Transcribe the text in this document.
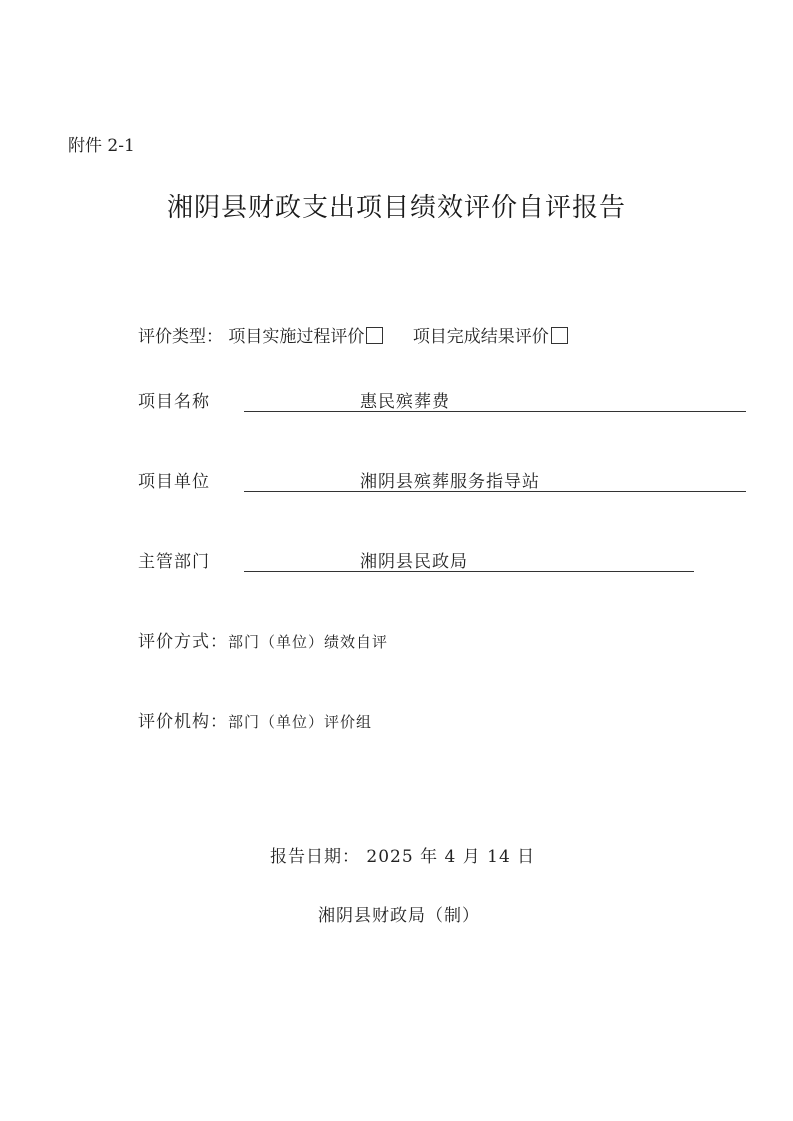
附件 2-1
湘阴县财政支出项目绩效评价自评报告
评价类型： 项目实施过程评价	项目完成结果评价
项目名称	惠民殡葬费
项目单位	湘阴县殡葬服务指导站
主管部门	湘阴县民政局
评价方式：部门（单位）绩效自评
评价机构：部门（单位）评价组
报告日期： 2025 年 4 月 14 日
湘阴县财政局（制）
